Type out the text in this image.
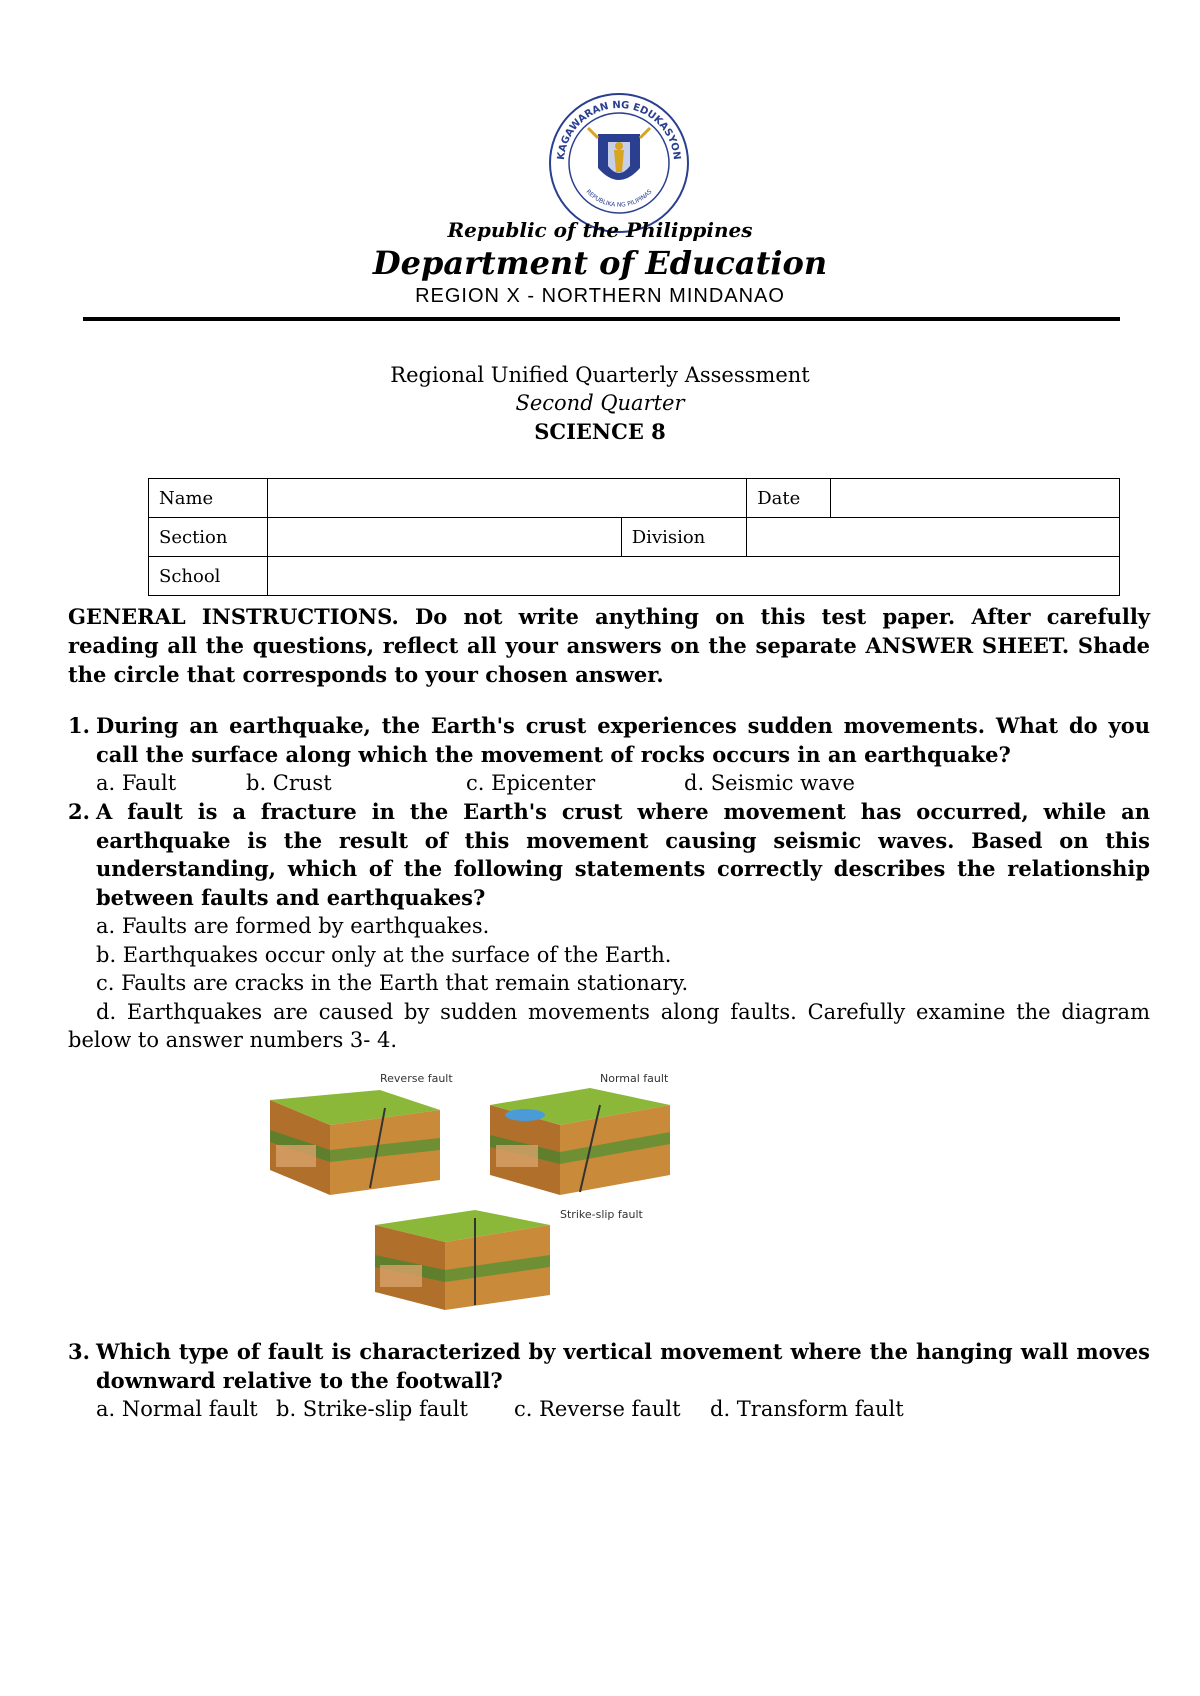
KAGAWARAN NG EDUKASYON
REPUBLIKA NG PILIPINAS
Republic of the Philippines
Department of Education
REGION X - NORTHERN MINDANAO
Regional Unified Quarterly Assessment
Second Quarter
SCIENCE 8
Name			Date	
Section		Division		
School				
GENERAL INSTRUCTIONS. Do not write anything on this test paper. After carefully reading all the questions, reflect all your answers on the separate ANSWER SHEET. Shade the circle that corresponds to your chosen answer.
1. During an earthquake, the Earth's crust experiences sudden movements. What do you call the surface along which the movement of rocks occurs in an earthquake?
a. Fault	b. Crust	c. Epicenter	d. Seismic wave
2. A fault is a fracture in the Earth's crust where movement has occurred, while an earthquake is the result of this movement causing seismic waves. Based on this understanding, which of the following statements correctly describes the relationship between faults and earthquakes?
a. Faults are formed by earthquakes.
b. Earthquakes occur only at the surface of the Earth.
c. Faults are cracks in the Earth that remain stationary.
d. Earthquakes are caused by sudden movements along faults. Carefully examine the diagram below to answer numbers 3- 4.
Reverse fault	Normal fault
Strike-slip fault
3. Which type of fault is characterized by vertical movement where the hanging wall moves downward relative to the footwall?
a. Normal fault b. Strike-slip fault	c. Reverse fault	d. Transform fault
